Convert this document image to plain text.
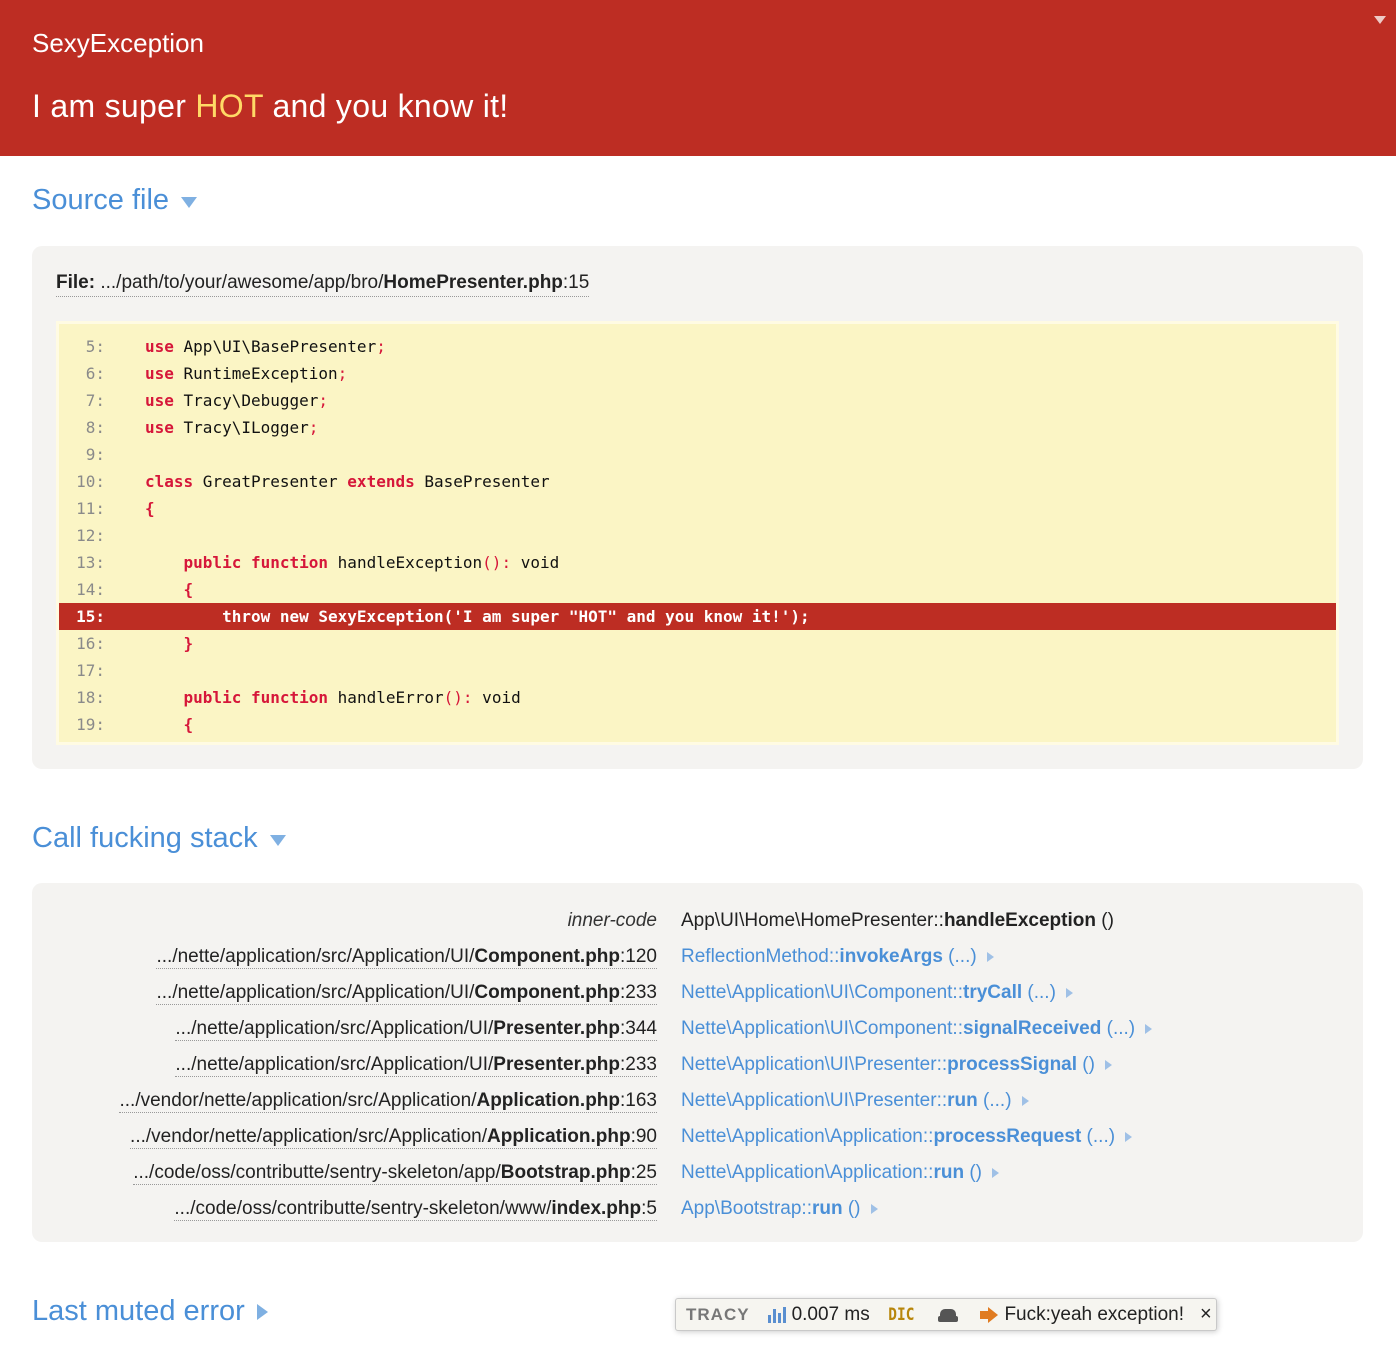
SexyException
I am super HOT and you know it!
Source file
File: .../path/to/your/awesome/app/bro/HomePresenter.php:15
5:	use App\UI\BasePresenter;
6:	use RuntimeException;
7:	use Tracy\Debugger;
8:	use Tracy\ILogger;
9:
10:	class GreatPresenter extends BasePresenter
11:	{
12:
13:	public function handleException(): void
14:	{
15:	throw new SexyException('I am super "HOT" and you know it!');
16:	}
17:
18:	public function handleError(): void
19:	{
Call fucking stack
inner-code App\UI\Home\HomePresenter::handleException ()
.../nette/application/src/Application/UI/Component.php:120 ReflectionMethod::invokeArgs (...)
.../nette/application/src/Application/UI/Component.php:233 Nette\Application\UI\Component::tryCall (...)
.../nette/application/src/Application/UI/Presenter.php:344 Nette\Application\UI\Component::signalReceived (...)
.../nette/application/src/Application/UI/Presenter.php:233 Nette\Application\UI\Presenter::processSignal ()
.../vendor/nette/application/src/Application/Application.php:163 Nette\Application\UI\Presenter::run (...)
.../vendor/nette/application/src/Application/Application.php:90 Nette\Application\Application::processRequest (...)
.../code/oss/contributte/sentry-skeleton/app/Bootstrap.php:25 Nette\Application\Application::run ()
.../code/oss/contributte/sentry-skeleton/www/index.php:5 App\Bootstrap::run ()
Last muted error	TRACY 0.007 ms DIC	Fuck:yeah exception! ×
